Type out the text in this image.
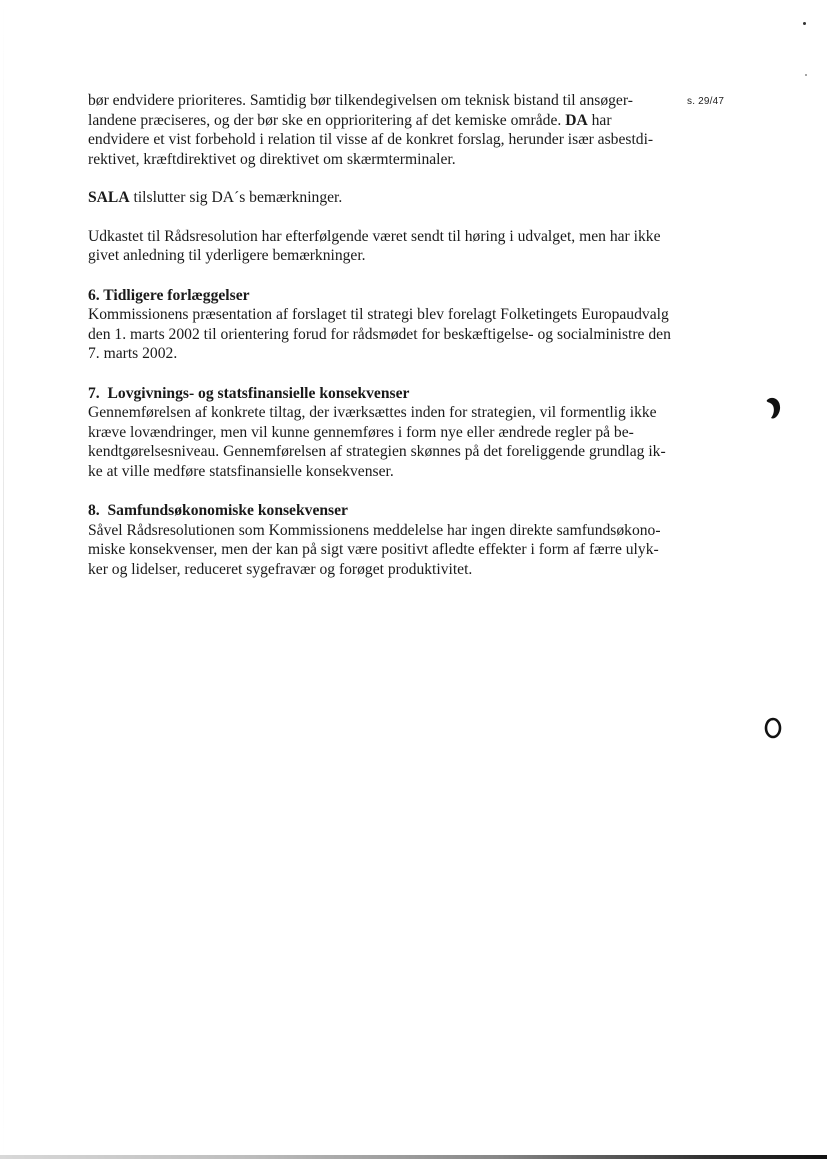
s. 29/47

bør endvidere prioriteres. Samtidig bør tilkendegivelsen om teknisk bistand til ansøger-
landene præciseres, og der bør ske en opprioritering af det kemiske område. DA har
endvidere et vist forbehold i relation til visse af de konkret forslag, herunder især asbestdi-
rektivet, kræftdirektivet og direktivet om skærmterminaler.

SALA tilslutter sig DA´s bemærkninger.

Udkastet til Rådsresolution har efterfølgende været sendt til høring i udvalget, men har ikke
givet anledning til yderligere bemærkninger.

6. Tidligere forlæggelser

Kommissionens præsentation af forslaget til strategi blev forelagt Folketingets Europaudvalg
den 1. marts 2002 til orientering forud for rådsmødet for beskæftigelse- og socialministre den
7. marts 2002.

7.  Lovgivnings- og statsfinansielle konsekvenser

Gennemførelsen af konkrete tiltag, der iværksættes inden for strategien, vil formentlig ikke
kræve lovændringer, men vil kunne gennemføres i form nye eller ændrede regler på be-
kendtgørelsesniveau. Gennemførelsen af strategien skønnes på det foreliggende grundlag ik-
ke at ville medføre statsfinansielle konsekvenser.

8.  Samfundsøkonomiske konsekvenser

Såvel Rådsresolutionen som Kommissionens meddelelse har ingen direkte samfundsøkono-
miske konsekvenser, men der kan på sigt være positivt afledte effekter i form af færre ulyk-
ker og lidelser, reduceret sygefravær og forøget produktivitet.
